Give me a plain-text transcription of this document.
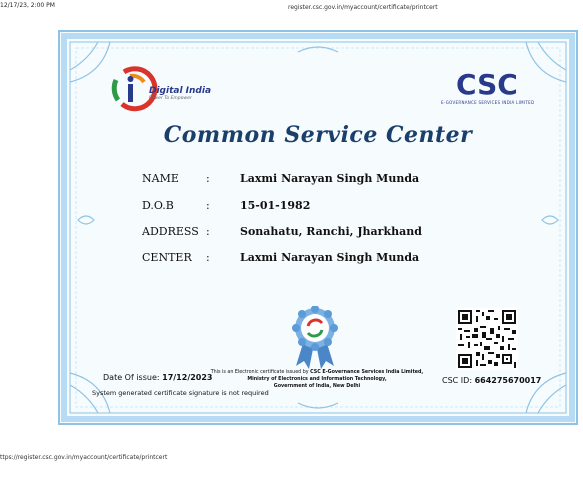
12/17/23, 2:00 PM	register.csc.gov.in/myaccount/certificate/printcert
Digital India
Power To Empower	CSC
E-GOVERNANCE SERVICES INDIA LIMITED
Common Service Center
NAME :	Laxmi Narayan Singh Munda
D.O.B	:	15-01-1982
ADDRESS :	Sonahatu, Ranchi, Jharkhand
CENTER :	Laxmi Narayan Singh Munda
Date Of issue: 17/12/2023
System generated certificate signature is not required
This is an Electronic certificate issued by CSC E-Governance Services India Limited,
Ministry of Electronics and Information Technology,
Government of India, New Delhi
CSC ID: 664275670017
ttps://register.csc.gov.in/myaccount/certificate/printcert
